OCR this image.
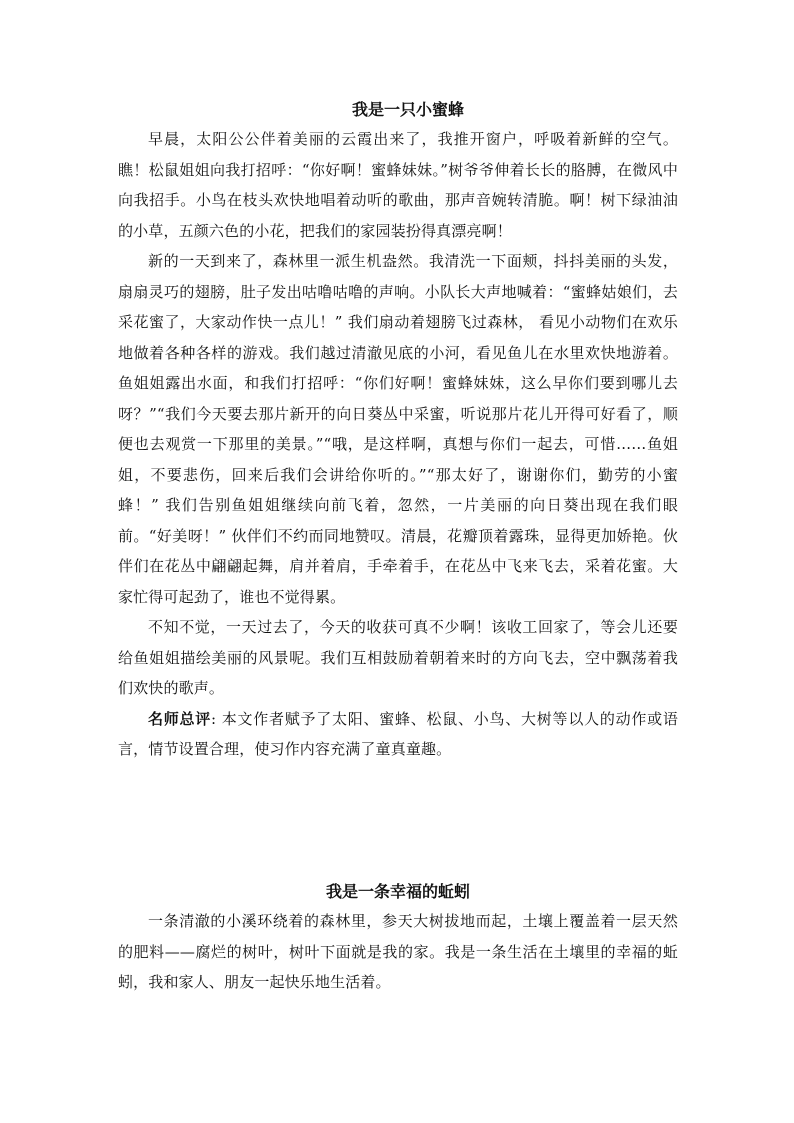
我是一只小蜜蜂

早晨，太阳公公伴着美丽的云霞出来了，我推开窗户，呼吸着新鲜的空气。瞧！松鼠姐姐向我打招呼：“你好啊！蜜蜂妹妹。”树爷爷伸着长长的胳膊，在微风中向我招手。小鸟在枝头欢快地唱着动听的歌曲，那声音婉转清脆。啊！树下绿油油的小草，五颜六色的小花，把我们的家园装扮得真漂亮啊！

新的一天到来了，森林里一派生机盎然。我清洗一下面颊，抖抖美丽的头发，扇扇灵巧的翅膀，肚子发出咕噜咕噜的声响。小队长大声地喊着：“蜜蜂姑娘们，去采花蜜了，大家动作快一点儿！” 我们扇动着翅膀飞过森林， 看见小动物们在欢乐地做着各种各样的游戏。我们越过清澈见底的小河，看见鱼儿在水里欢快地游着。鱼姐姐露出水面，和我们打招呼：“你们好啊！蜜蜂妹妹，这么早你们要到哪儿去呀？”“我们今天要去那片新开的向日葵丛中采蜜，听说那片花儿开得可好看了，顺便也去观赏一下那里的美景。”“哦，是这样啊，真想与你们一起去，可惜……鱼姐姐，不要悲伤，回来后我们会讲给你听的。”“那太好了，谢谢你们，勤劳的小蜜蜂！” 我们告别鱼姐姐继续向前飞着，忽然，一片美丽的向日葵出现在我们眼前。“好美呀！” 伙伴们不约而同地赞叹。清晨，花瓣顶着露珠，显得更加娇艳。伙伴们在花丛中翩翩起舞，肩并着肩，手牵着手，在花丛中飞来飞去，采着花蜜。大家忙得可起劲了，谁也不觉得累。

不知不觉，一天过去了，今天的收获可真不少啊！该收工回家了，等会儿还要给鱼姐姐描绘美丽的风景呢。我们互相鼓励着朝着来时的方向飞去，空中飘荡着我们欢快的歌声。

名师总评: 本文作者赋予了太阳、蜜蜂、松鼠、小鸟、大树等以人的动作或语言，情节设置合理，使习作内容充满了童真童趣。

我是一条幸福的蚯蚓

一条清澈的小溪环绕着的森林里，参天大树拔地而起，土壤上覆盖着一层天然的肥料——腐烂的树叶，树叶下面就是我的家。我是一条生活在土壤里的幸福的蚯蚓，我和家人、朋友一起快乐地生活着。
